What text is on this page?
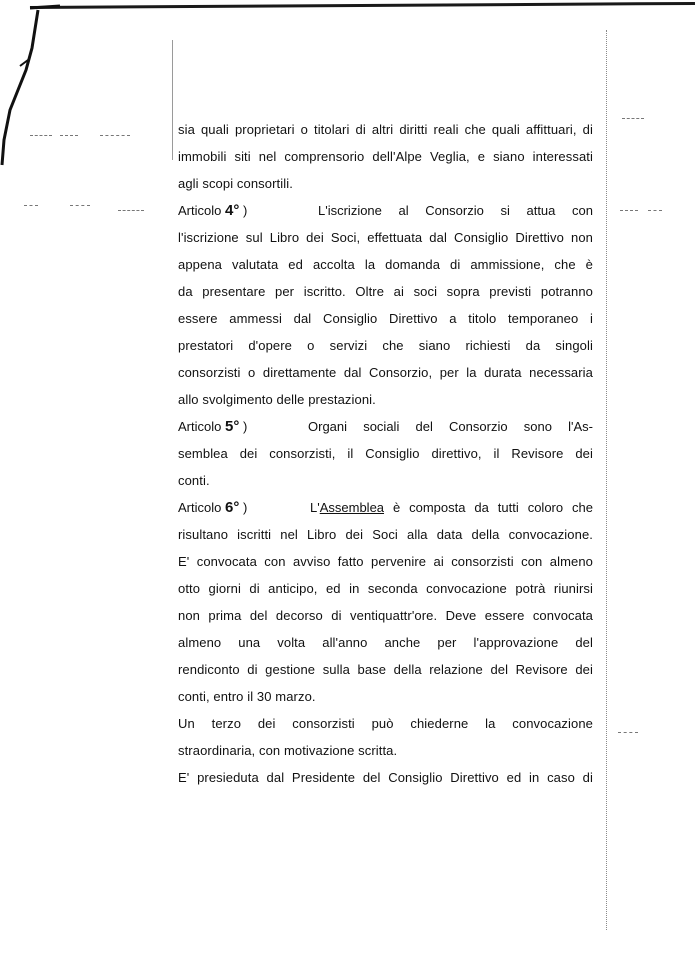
sia quali proprietari o titolari di altri diritti reali che quali affittuari, di
immobili siti nel comprensorio dell'Alpe Veglia, e siano interessati
agli scopi consortili.
Articolo 4° )	L'iscrizione al Consorzio si attua con
l'iscrizione sul Libro dei Soci, effettuata dal Consiglio Direttivo non
appena valutata ed accolta la domanda di ammissione, che è
da presentare per iscritto. Oltre ai soci sopra previsti potranno
essere ammessi dal Consiglio Direttivo a titolo temporaneo i
prestatori d'opere o servizi che siano richiesti da singoli
consorzisti o direttamente dal Consorzio, per la durata necessaria
allo svolgimento delle prestazioni.
Articolo 5° )	Organi sociali del Consorzio sono l'As-
semblea dei consorzisti, il Consiglio direttivo, il Revisore dei
conti.
Articolo 6° )	L'Assemblea è composta da tutti coloro che
risultano iscritti nel Libro dei Soci alla data della convocazione.
E' convocata con avviso fatto pervenire ai consorzisti con almeno
otto giorni di anticipo, ed in seconda convocazione potrà riunirsi
non prima del decorso di ventiquattr'ore. Deve essere convocata
almeno una volta all'anno anche per l'approvazione del
rendiconto di gestione sulla base della relazione del Revisore dei
conti, entro il 30 marzo.
Un terzo dei consorzisti può chiederne la convocazione
straordinaria, con motivazione scritta.
E' presieduta dal Presidente del Consiglio Direttivo ed in caso di
